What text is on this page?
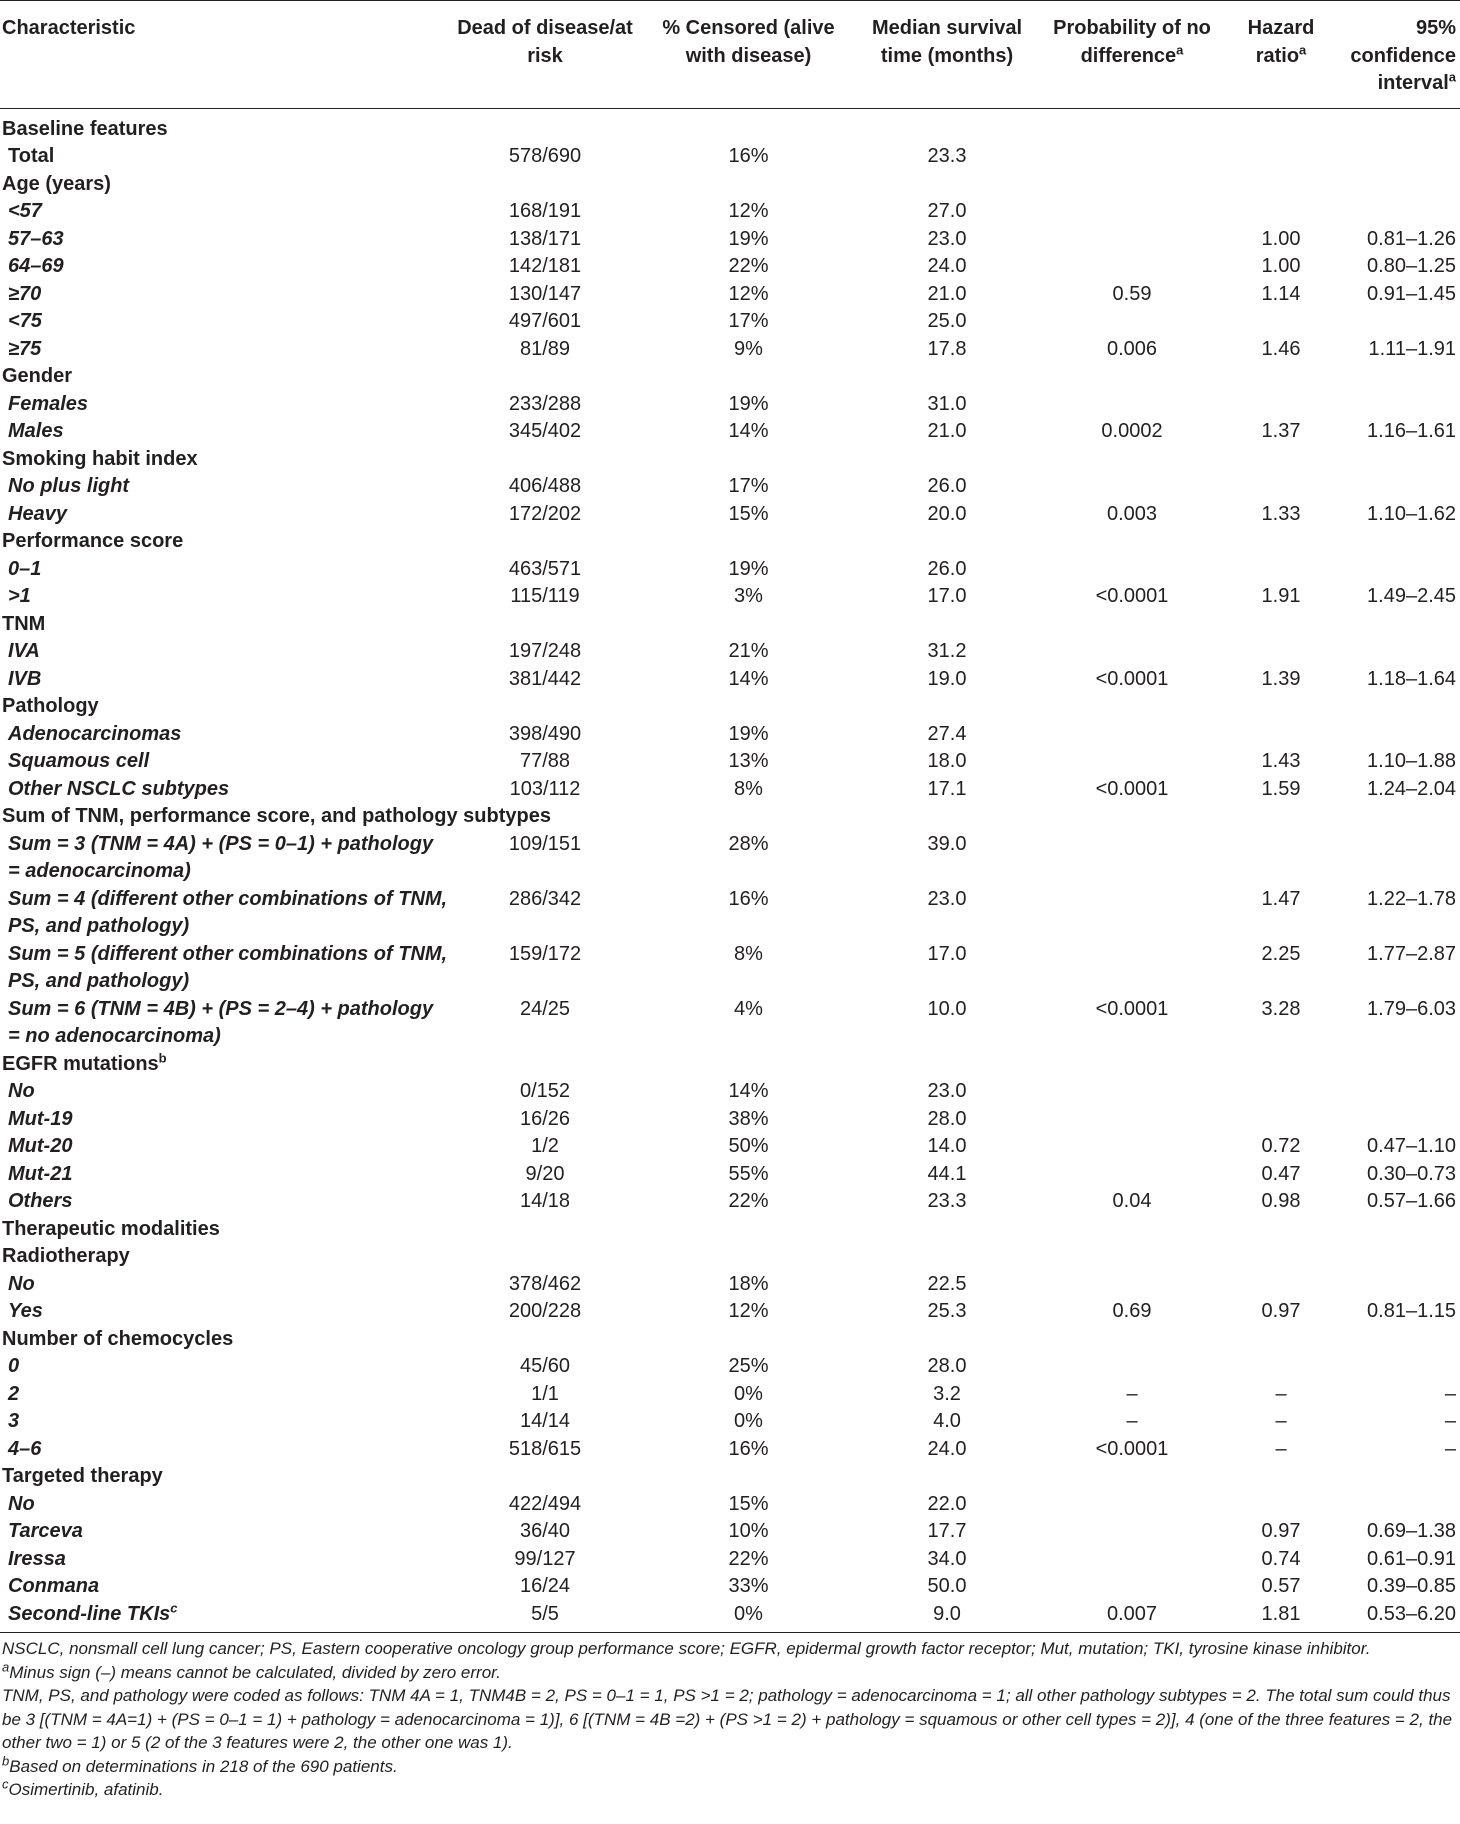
Characteristic	Dead of disease/at risk	% Censored (alive with disease)	Median survival time (months)	Probability of no difference$^a$	Hazard ratio$^a$	95% confidence interval$^a$

Baseline features						
Total	578/690	16%	23.3			
Age (years)						
<57	168/191	12%	27.0			
57–63	138/171	19%	23.0		1.00	0.81–1.26
64–69	142/181	22%	24.0		1.00	0.80–1.25
≥70	130/147	12%	21.0	0.59	1.14	0.91–1.45
<75	497/601	17%	25.0			
≥75	81/89	9%	17.8	0.006	1.46	1.11–1.91
Gender						
Females	233/288	19%	31.0			
Males	345/402	14%	21.0	0.0002	1.37	1.16–1.61
Smoking habit index						
No plus light	406/488	17%	26.0			
Heavy	172/202	15%	20.0	0.003	1.33	1.10–1.62
Performance score						
0–1	463/571	19%	26.0			
>1	115/119	3%	17.0	<0.0001	1.91	1.49–2.45
TNM						
IVA	197/248	21%	31.2			
IVB	381/442	14%	19.0	<0.0001	1.39	1.18–1.64
Pathology						
Adenocarcinomas	398/490	19%	27.4			
Squamous cell	77/88	13%	18.0		1.43	1.10–1.88
Other NSCLC subtypes	103/112	8%	17.1	<0.0001	1.59	1.24–2.04
Sum of TNM, performance score, and pathology subtypes						
Sum = 3 (TNM = 4A) + (PS = 0–1) + pathology = adenocarcinoma)	109/151	28%	39.0			
Sum = 4 (different other combinations of TNM, PS, and pathology)	286/342	16%	23.0		1.47	1.22–1.78
Sum = 5 (different other combinations of TNM, PS, and pathology)	159/172	8%	17.0		2.25	1.77–2.87
Sum = 6 (TNM = 4B) + (PS = 2–4) + pathology = no adenocarcinoma)	24/25	4%	10.0	<0.0001	3.28	1.79–6.03
EGFR mutations$^b$
No	0/152	14%	23.0			
Mut-19	16/26	38%	28.0			
Mut-20	1/2	50%	14.0		0.72	0.47–1.10
Mut-21	9/20	55%	44.1		0.47	0.30–0.73
Others	14/18	22%	23.3	0.04	0.98	0.57–1.66
Therapeutic modalities						
Radiotherapy						
No	378/462	18%	22.5			
Yes	200/228	12%	25.3	0.69	0.97	0.81–1.15
Number of chemocycles						
0	45/60	25%	28.0			
2	1/1	0%	3.2	–	–	–
3	14/14	0%	4.0	–	–	–
4–6	518/615	16%	24.0	<0.0001	–	–
Targeted therapy						
No	422/494	15%	22.0			
Tarceva	36/40	10%	17.7		0.97	0.69–1.38
Iressa	99/127	22%	34.0		0.74	0.61–0.91
Conmana	16/24	33%	50.0		0.57	0.39–0.85
Second-line TKIs$^c$	5/5	0%	9.0	0.007	1.81	0.53–6.20

NSCLC, nonsmall cell lung cancer; PS, Eastern cooperative oncology group performance score; EGFR, epidermal growth factor receptor; Mut, mutation; TKI, tyrosine kinase inhibitor.

$^a$Minus sign (–) means cannot be calculated, divided by zero error.

TNM, PS, and pathology were coded as follows: TNM 4A = 1, TNM4B = 2, PS = 0–1 = 1, PS >1 = 2; pathology = adenocarcinoma = 1; all other pathology subtypes = 2. The total sum could thus be 3 [(TNM = 4A=1) + (PS = 0–1 = 1) + pathology = adenocarcinoma = 1)], 6 [(TNM = 4B =2) + (PS >1 = 2) + pathology = squamous or other cell types = 2)], 4 (one of the three features = 2, the other two = 1) or 5 (2 of the 3 features were 2, the other one was 1).

$^b$Based on determinations in 218 of the 690 patients.

$^c$Osimertinib, afatinib.
